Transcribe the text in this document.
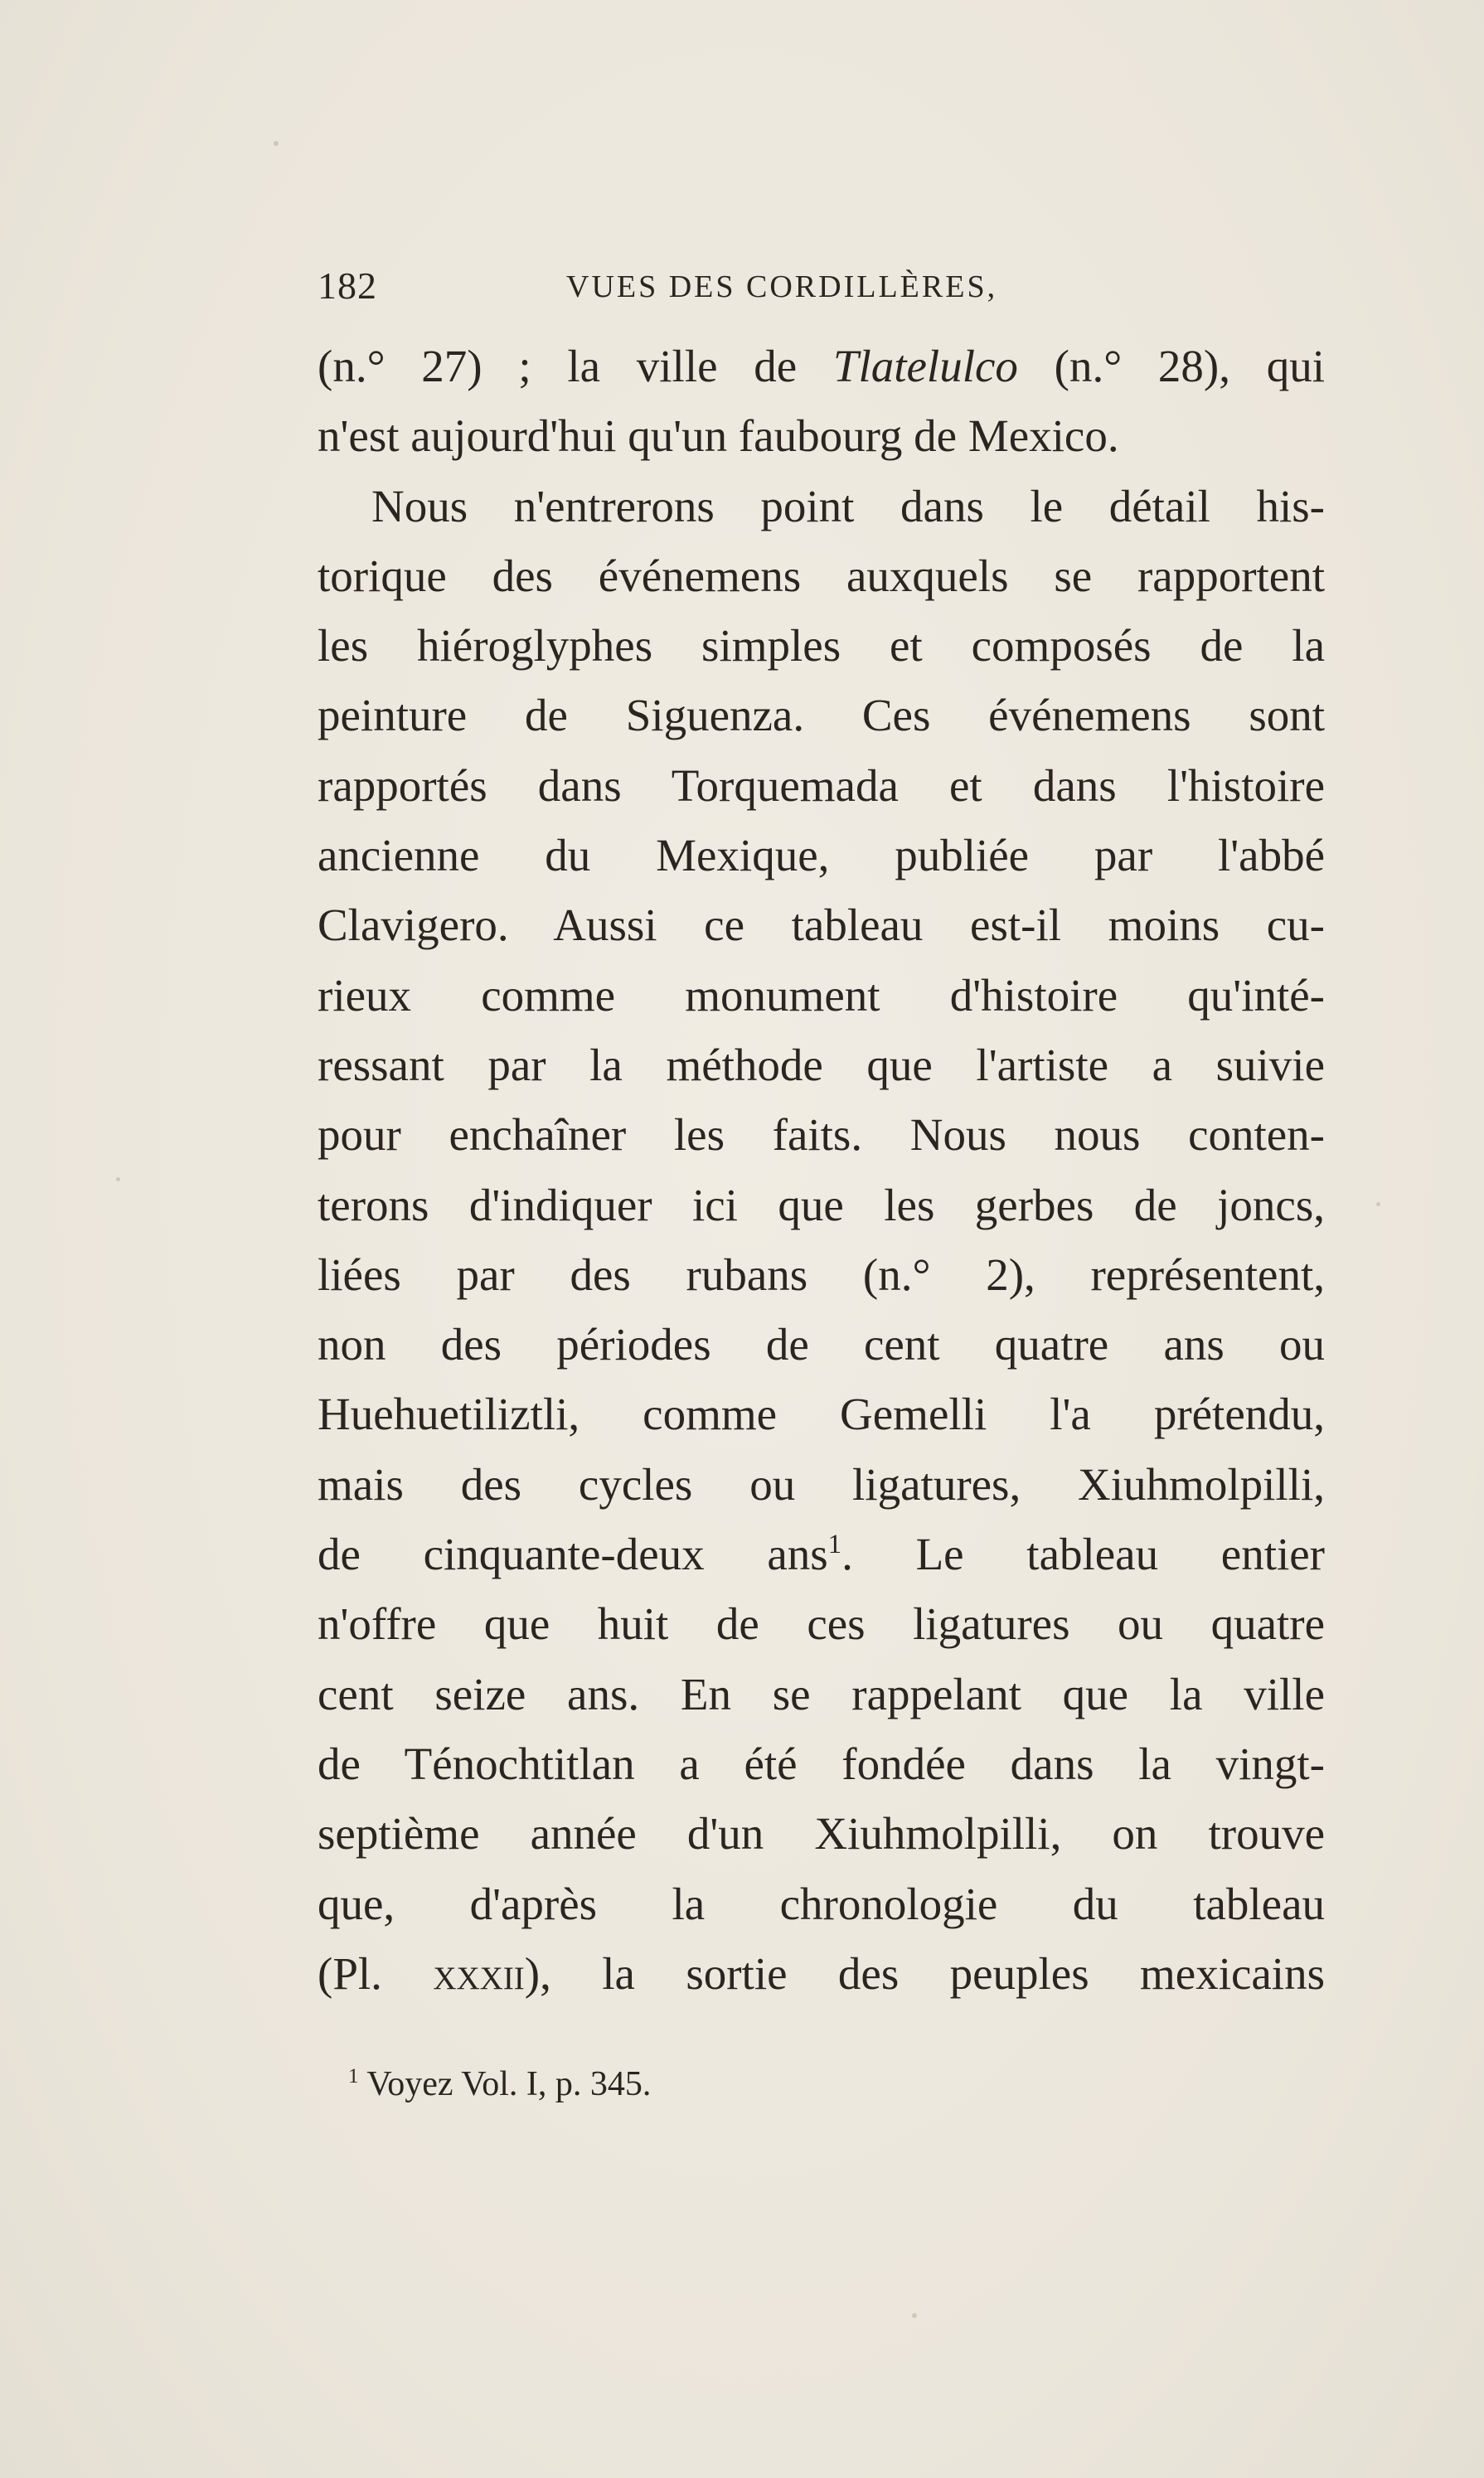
182	VUES DES CORDILLÈRES,
(n.° 27) ; la ville de Tlatelulco (n.° 28), qui
n'est aujourd'hui qu'un faubourg de Mexico.
Nous n'entrerons point dans le détail his-
torique des événemens auxquels se rapportent
les hiéroglyphes simples et composés de la
peinture de Siguenza. Ces événemens sont
rapportés dans Torquemada et dans l'histoire
ancienne du Mexique, publiée par l'abbé
Clavigero. Aussi ce tableau est-il moins cu-
rieux comme monument d'histoire qu'inté-
ressant par la méthode que l'artiste a suivie
pour enchaîner les faits. Nous nous conten-
terons d'indiquer ici que les gerbes de joncs,
liées par des rubans (n.° 2), représentent,
non des périodes de cent quatre ans ou
Huehuetiliztli, comme Gemelli l'a prétendu,
mais des cycles ou ligatures, Xiuhmolpilli,
de cinquante-deux ans$^1$. Le tableau entier
n'offre que huit de ces ligatures ou quatre
cent seize ans. En se rappelant que la ville
de Ténochtitlan a été fondée dans la vingt-
septième année d'un Xiuhmolpilli, on trouve
que, d'après la chronologie du tableau
(Pl. xxxii), la sortie des peuples mexicains
$^1$ Voyez Vol. I, p. 345.
